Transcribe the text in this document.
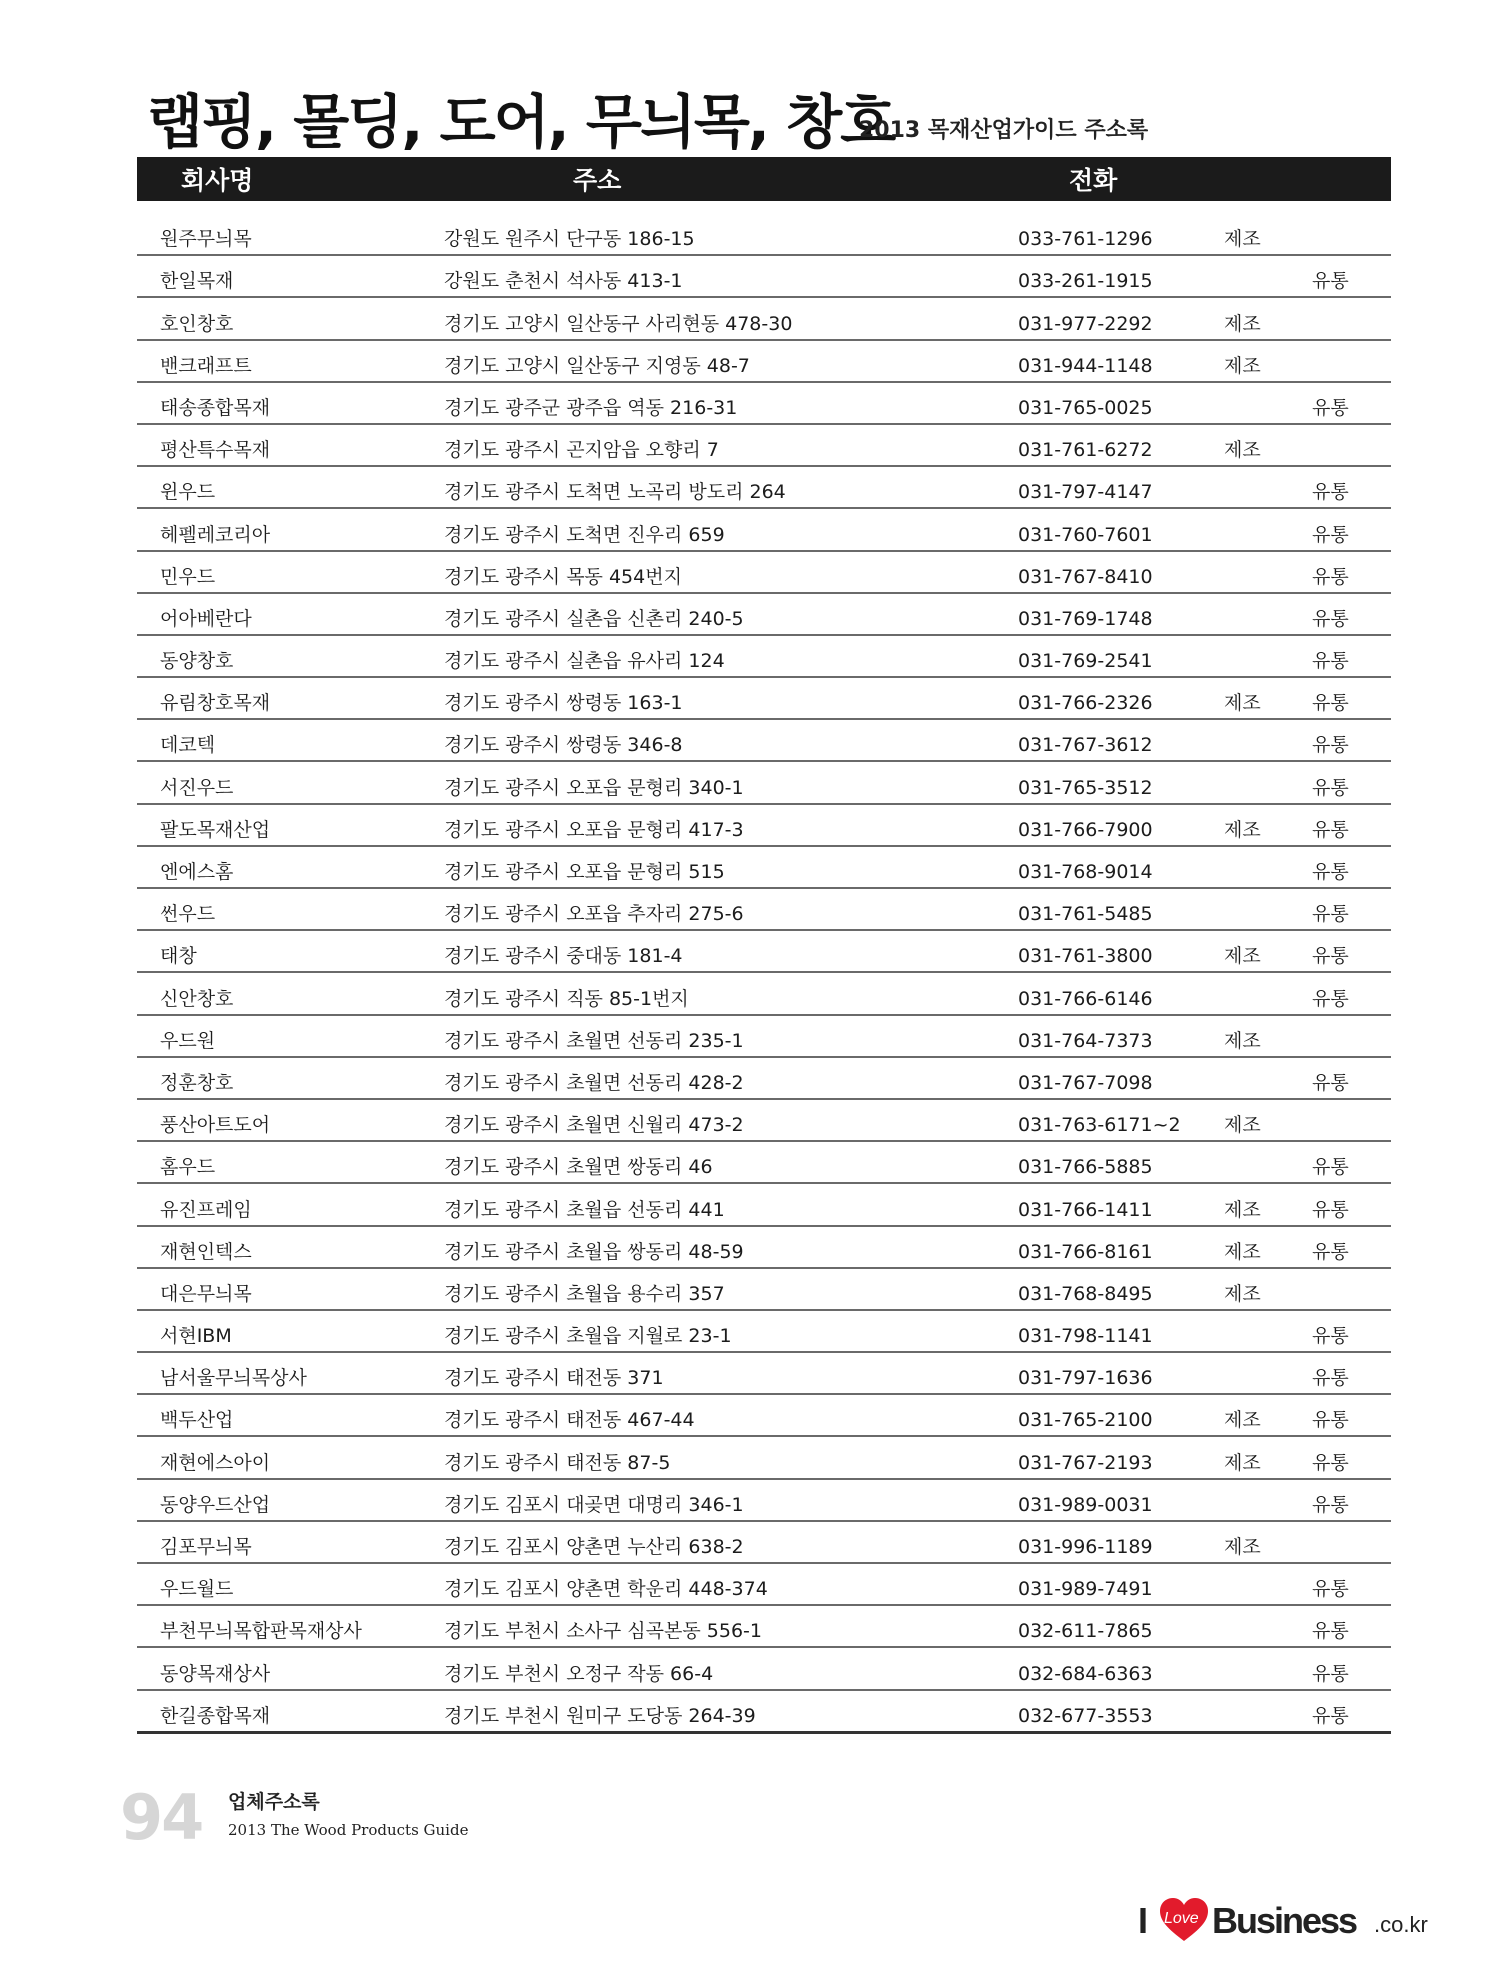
랩핑, 몰딩, 도어, 무늬목, 창호
2013 목재산업가이드 주소록
회사명	주소	전화
원주무늬목	강원도 원주시 단구동 186-15	033-761-1296	제조
한일목재	강원도 춘천시 석사동 413-1	033-261-1915	유통
호인창호	경기도 고양시 일산동구 사리현동 478-30	031-977-2292	제조
밴크래프트	경기도 고양시 일산동구 지영동 48-7	031-944-1148	제조
태송종합목재	경기도 광주군 광주읍 역동 216-31	031-765-0025	유통
평산특수목재	경기도 광주시 곤지암읍 오향리 7	031-761-6272	제조
윈우드	경기도 광주시 도척면 노곡리 방도리 264	031-797-4147	유통
헤펠레코리아	경기도 광주시 도척면 진우리 659	031-760-7601	유통
민우드	경기도 광주시 목동 454번지	031-767-8410	유통
어아베란다	경기도 광주시 실촌읍 신촌리 240-5	031-769-1748	유통
동양창호	경기도 광주시 실촌읍 유사리 124	031-769-2541	유통
유림창호목재	경기도 광주시 쌍령동 163-1	031-766-2326	제조	유통
데코텍	경기도 광주시 쌍령동 346-8	031-767-3612	유통
서진우드	경기도 광주시 오포읍 문형리 340-1	031-765-3512	유통
팔도목재산업	경기도 광주시 오포읍 문형리 417-3	031-766-7900	제조	유통
엔에스홈	경기도 광주시 오포읍 문형리 515	031-768-9014	유통
썬우드	경기도 광주시 오포읍 추자리 275-6	031-761-5485	유통
태창	경기도 광주시 중대동 181-4	031-761-3800	제조	유통
신안창호	경기도 광주시 직동 85-1번지	031-766-6146	유통
우드원	경기도 광주시 초월면 선동리 235-1	031-764-7373	제조
정훈창호	경기도 광주시 초월면 선동리 428-2	031-767-7098	유통
풍산아트도어	경기도 광주시 초월면 신월리 473-2	031-763-6171~2 제조
홈우드	경기도 광주시 초월면 쌍동리 46	031-766-5885	유통
유진프레임	경기도 광주시 초월읍 선동리 441	031-766-1411	제조	유통
재현인텍스	경기도 광주시 초월읍 쌍동리 48-59	031-766-8161	제조	유통
대은무늬목	경기도 광주시 초월읍 용수리 357	031-768-8495	제조
서현IBM	경기도 광주시 초월읍 지월로 23-1	031-798-1141	유통
남서울무늬목상사	경기도 광주시 태전동 371	031-797-1636	유통
백두산업	경기도 광주시 태전동 467-44	031-765-2100	제조	유통
재현에스아이	경기도 광주시 태전동 87-5	031-767-2193	제조	유통
동양우드산업	경기도 김포시 대곶면 대명리 346-1	031-989-0031	유통
김포무늬목	경기도 김포시 양촌면 누산리 638-2	031-996-1189	제조
우드월드	경기도 김포시 양촌면 학운리 448-374	031-989-7491	유통
부천무늬목합판목재상사	경기도 부천시 소사구 심곡본동 556-1	032-611-7865	유통
동양목재상사	경기도 부천시 오정구 작동 66-4	032-684-6363	유통
한길종합목재	경기도 부천시 원미구 도당동 264-39	032-677-3553	유통
94 업체주소록
2013 The Wood Products Guide
I Love Business .co.kr
